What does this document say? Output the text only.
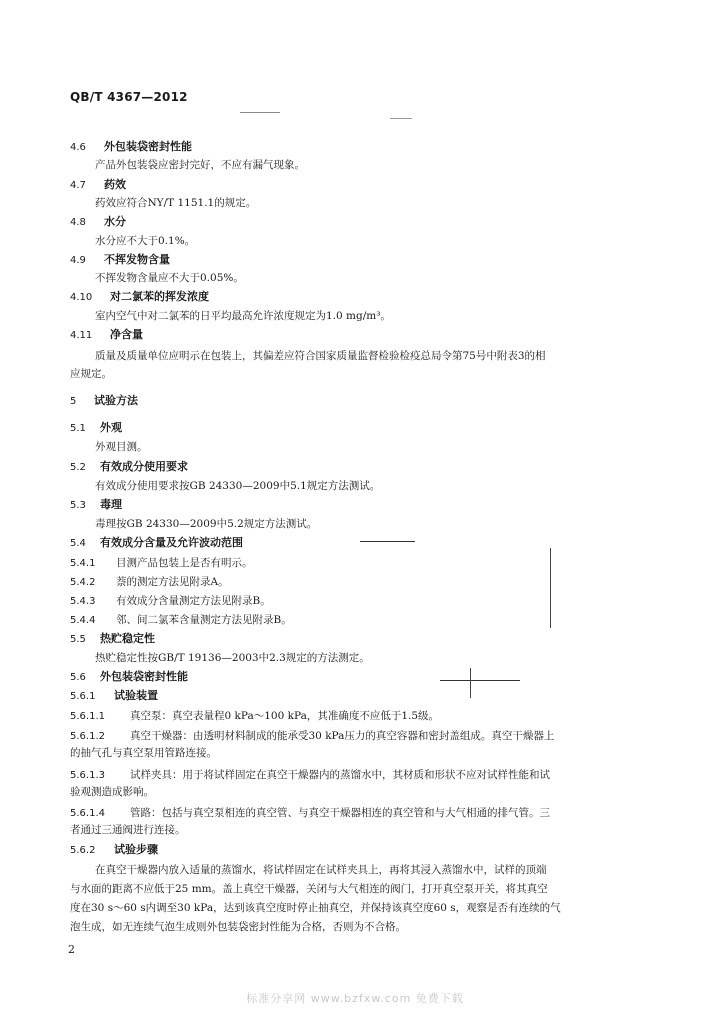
QB/T 4367—2012
4.6 外包装袋密封性能
产品外包装袋应密封完好，不应有漏气现象。
4.7 药效
药效应符合NY/T 1151.1的规定。
4.8 水分
水分应不大于0.1%。
4.9 不挥发物含量
不挥发物含量应不大于0.05%。
4.10 对二氯苯的挥发浓度
室内空气中对二氯苯的日平均最高允许浓度规定为1.0 mg/m³。
4.11 净含量
质量及质量单位应明示在包装上，其偏差应符合国家质量监督检验检疫总局令第75号中附表3的相
应规定。
5 试验方法
5.1 外观
外观目测。
5.2 有效成分使用要求
有效成分使用要求按GB 24330—2009中5.1规定方法测试。
5.3 毒理
毒理按GB 24330—2009中5.2规定方法测试。
5.4 有效成分含量及允许波动范围
5.4.1 目测产品包装上是否有明示。
5.4.2 萘的测定方法见附录A。
5.4.3 有效成分含量测定方法见附录B。
5.4.4 邻、间二氯苯含量测定方法见附录B。
5.5 热贮稳定性
热贮稳定性按GB/T 19136—2003中2.3规定的方法测定。
5.6 外包装袋密封性能
5.6.1 试验装置
5.6.1.1 真空泵：真空表量程0 kPa～100 kPa，其准确度不应低于1.5级。
5.6.1.2 真空干燥器：由透明材料制成的能承受30 kPa压力的真空容器和密封盖组成。真空干燥器上
的抽气孔与真空泵用管路连接。
5.6.1.3 试样夹具：用于将试样固定在真空干燥器内的蒸馏水中，其材质和形状不应对试样性能和试
验观测造成影响。
5.6.1.4 管路：包括与真空泵相连的真空管、与真空干燥器相连的真空管和与大气相通的排气管。三
者通过三通阀进行连接。
5.6.2 试验步骤
在真空干燥器内放入适量的蒸馏水，将试样固定在试样夹具上，再将其浸入蒸馏水中，试样的顶端
与水面的距离不应低于25 mm。盖上真空干燥器，关闭与大气相连的阀门，打开真空泵开关，将其真空
度在30 s～60 s内调至30 kPa，达到该真空度时停止抽真空，并保持该真空度60 s，观察是否有连续的气
泡生成，如无连续气泡生成则外包装袋密封性能为合格，否则为不合格。
2
标准分享网 www.bzfxw.com 免费下载
